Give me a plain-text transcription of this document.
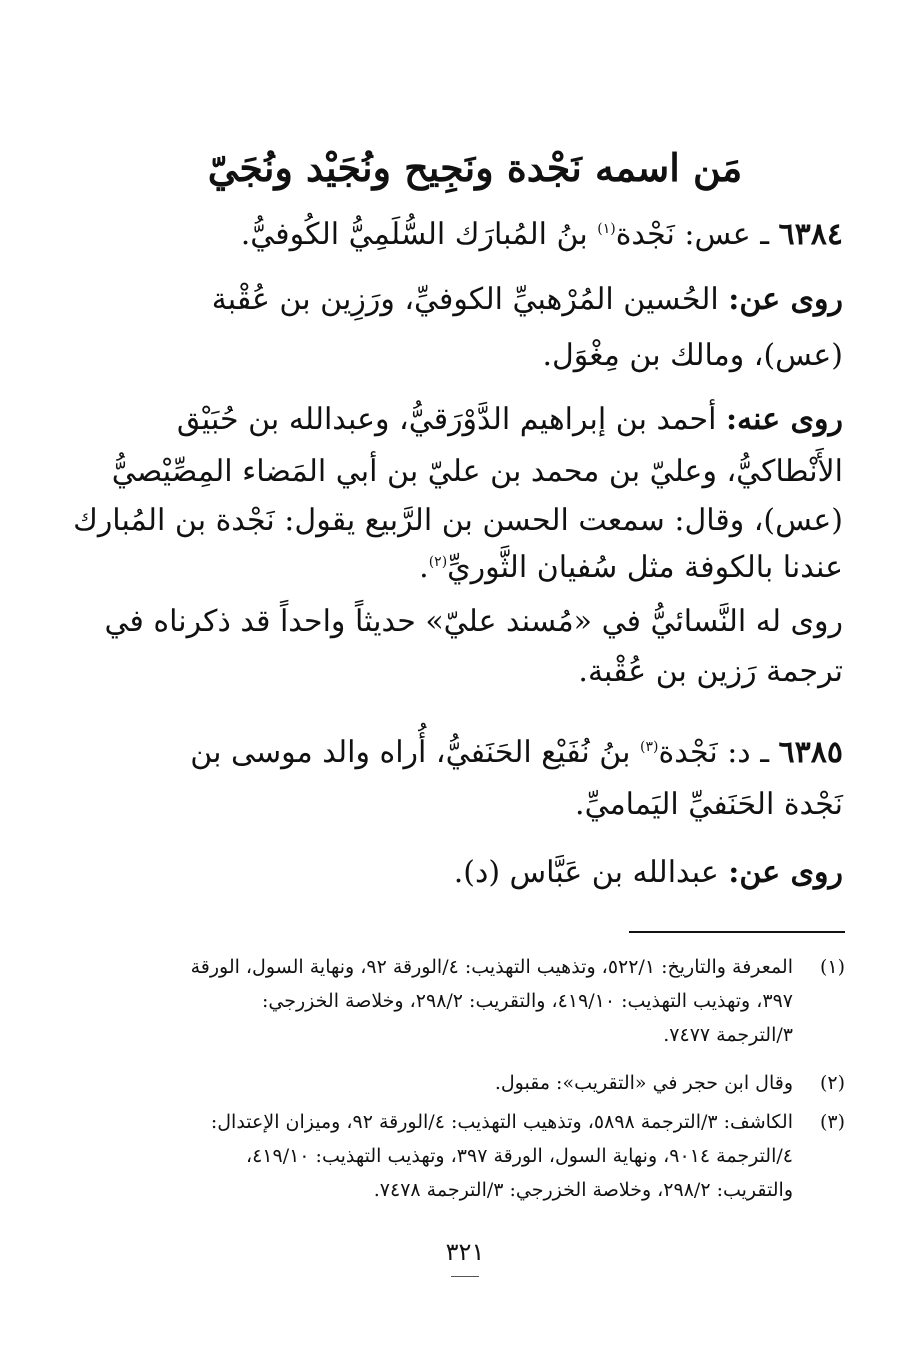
مَن اسمه نَجْدة ونَجِيح ونُجَيْد ونُجَيّ
٦٣٨٤ ـ عس: نَجْدة$^{(١)}$ بنُ المُبارَك السُّلَمِيُّ الكُوفيُّ.
روى عن: الحُسين المُرْهبيِّ الكوفيِّ، ورَزِين بن عُقْبة
(عس)، ومالك بن مِغْوَل.
روى عنه: أحمد بن إبراهيم الدَّوْرَقيُّ، وعبدالله بن حُبَيْق
الأَنْطاكيُّ، وعليّ بن محمد بن عليّ بن أبي المَضاء المِصِّيْصيُّ
(عس)، وقال: سمعت الحسن بن الرَّبيع يقول: نَجْدة بن المُبارك
عندنا بالكوفة مثل سُفيان الثَّوريِّ$^{(٢)}$.
روى له النَّسائيُّ في «مُسند عليّ» حديثاً واحداً قد ذكرناه في
ترجمة رَزين بن عُقْبة.
٦٣٨٥ ـ د: نَجْدة$^{(٣)}$ بنُ نُفَيْع الحَنَفيُّ، أُراه والد موسى بن
نَجْدة الحَنَفيِّ اليَماميِّ.
روى عن: عبدالله بن عَبَّاس (د).
(١)
المعرفة والتاريخ: ٥٢٢/١، وتذهيب التهذيب: ٤/الورقة ٩٢، ونهاية السول، الورقة
٣٩٧، وتهذيب التهذيب: ٤١٩/١٠، والتقريب: ٢٩٨/٢، وخلاصة الخزرجي:
٣/الترجمة ٧٤٧٧.
(٢)
وقال ابن حجر في «التقريب»: مقبول.
(٣)
الكاشف: ٣/الترجمة ٥٨٩٨، وتذهيب التهذيب: ٤/الورقة ٩٢، وميزان الإعتدال:
٤/الترجمة ٩٠١٤، ونهاية السول، الورقة ٣٩٧، وتهذيب التهذيب: ٤١٩/١٠،
والتقريب: ٢٩٨/٢، وخلاصة الخزرجي: ٣/الترجمة ٧٤٧٨.
٣٢١
